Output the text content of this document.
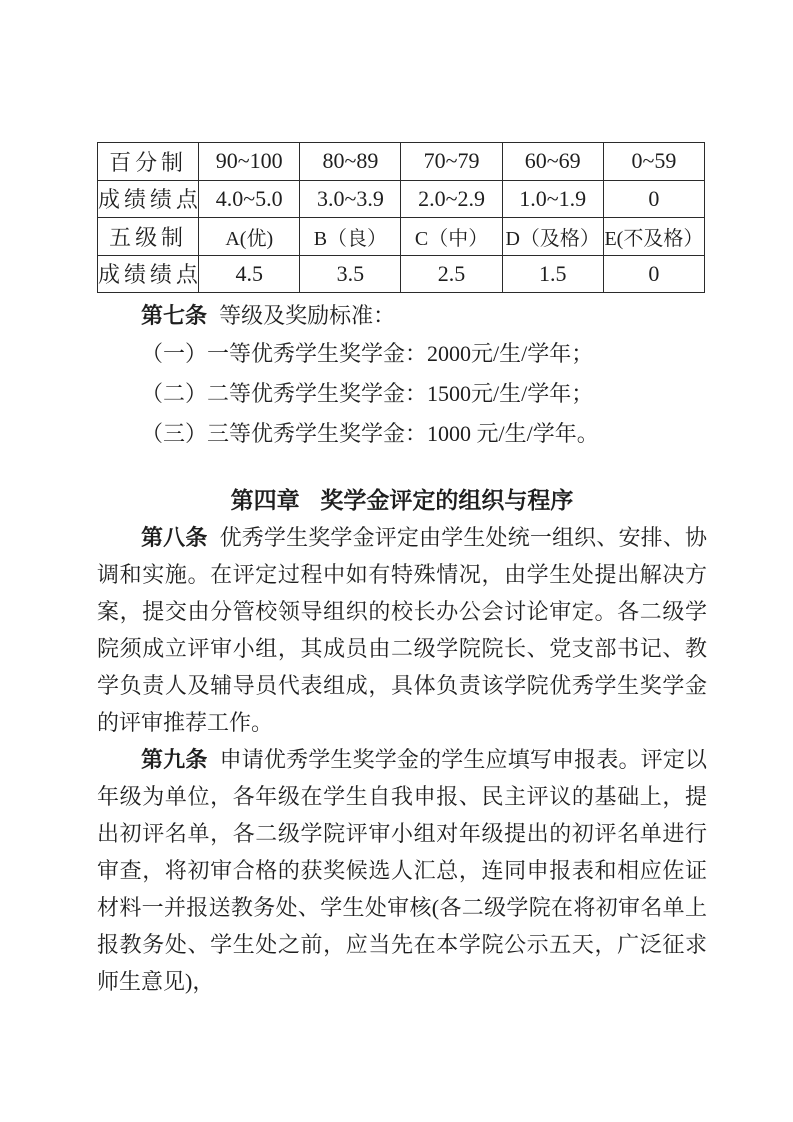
百分制	90~100	80~89	70~79	60~69	0~59
成绩绩点	4.0~5.0	3.0~3.9	2.0~2.9	1.0~1.9	0
五级制	A(优)	B（良）	C（中）	D（及格）	E(不及格）
成绩绩点	4.5	3.5	2.5	1.5	0

第七条 等级及奖励标准：

（一）一等优秀学生奖学金：2000元/生/学年；

（二）二等优秀学生奖学金：1500元/生/学年；

（三）三等优秀学生奖学金：1000 元/生/学年。

第四章 奖学金评定的组织与程序

第八条 优秀学生奖学金评定由学生处统一组织、安排、协调和实施。在评定过程中如有特殊情况，由学生处提出解决方案，提交由分管校领导组织的校长办公会讨论审定。各二级学院须成立评审小组，其成员由二级学院院长、党支部书记、教学负责人及辅导员代表组成，具体负责该学院优秀学生奖学金的评审推荐工作。

第九条 申请优秀学生奖学金的学生应填写申报表。评定以年级为单位，各年级在学生自我申报、民主评议的基础上，提出初评名单，各二级学院评审小组对年级提出的初评名单进行审查，将初审合格的获奖候选人汇总，连同申报表和相应佐证材料一并报送教务处、学生处审核(各二级学院在将初审名单上报教务处、学生处之前，应当先在本学院公示五天，广泛征求师生意见)，
